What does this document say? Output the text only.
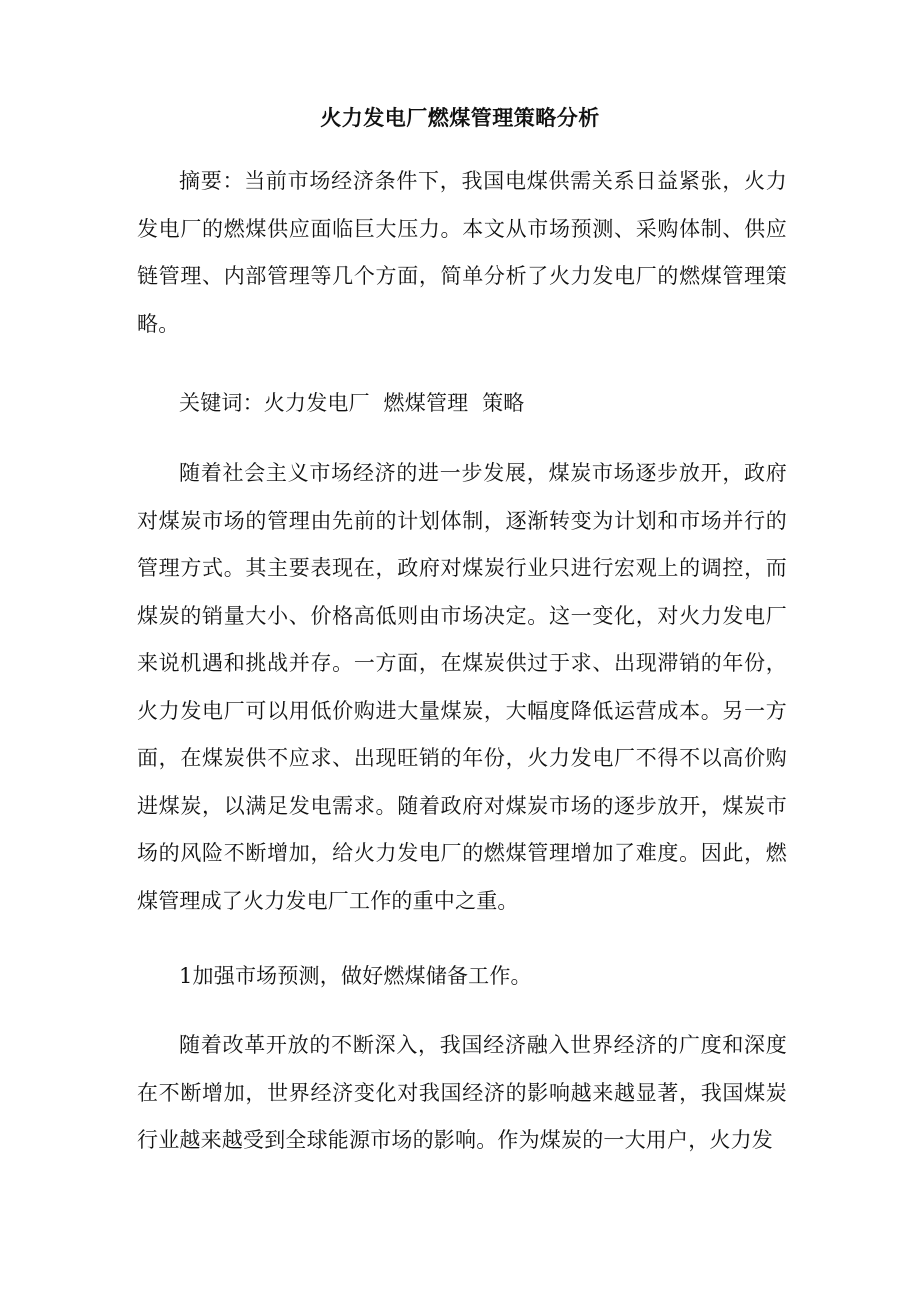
火力发电厂燃煤管理策略分析

摘要：当前市场经济条件下，我国电煤供需关系日益紧张，火力发电厂的燃煤供应面临巨大压力。本文从市场预测、采购体制、供应链管理、内部管理等几个方面，简单分析了火力发电厂的燃煤管理策略。

关键词：火力发电厂  燃煤管理  策略

随着社会主义市场经济的进一步发展，煤炭市场逐步放开，政府对煤炭市场的管理由先前的计划体制，逐渐转变为计划和市场并行的管理方式。其主要表现在，政府对煤炭行业只进行宏观上的调控，而煤炭的销量大小、价格高低则由市场决定。这一变化，对火力发电厂来说机遇和挑战并存。一方面，在煤炭供过于求、出现滞销的年份，火力发电厂可以用低价购进大量煤炭，大幅度降低运营成本。另一方面，在煤炭供不应求、出现旺销的年份，火力发电厂不得不以高价购进煤炭，以满足发电需求。随着政府对煤炭市场的逐步放开，煤炭市场的风险不断增加，给火力发电厂的燃煤管理增加了难度。因此，燃煤管理成了火力发电厂工作的重中之重。

1加强市场预测，做好燃煤储备工作。

随着改革开放的不断深入，我国经济融入世界经济的广度和深度在不断增加，世界经济变化对我国经济的影响越来越显著，我国煤炭行业越来越受到全球能源市场的影响。作为煤炭的一大用户，火力发
